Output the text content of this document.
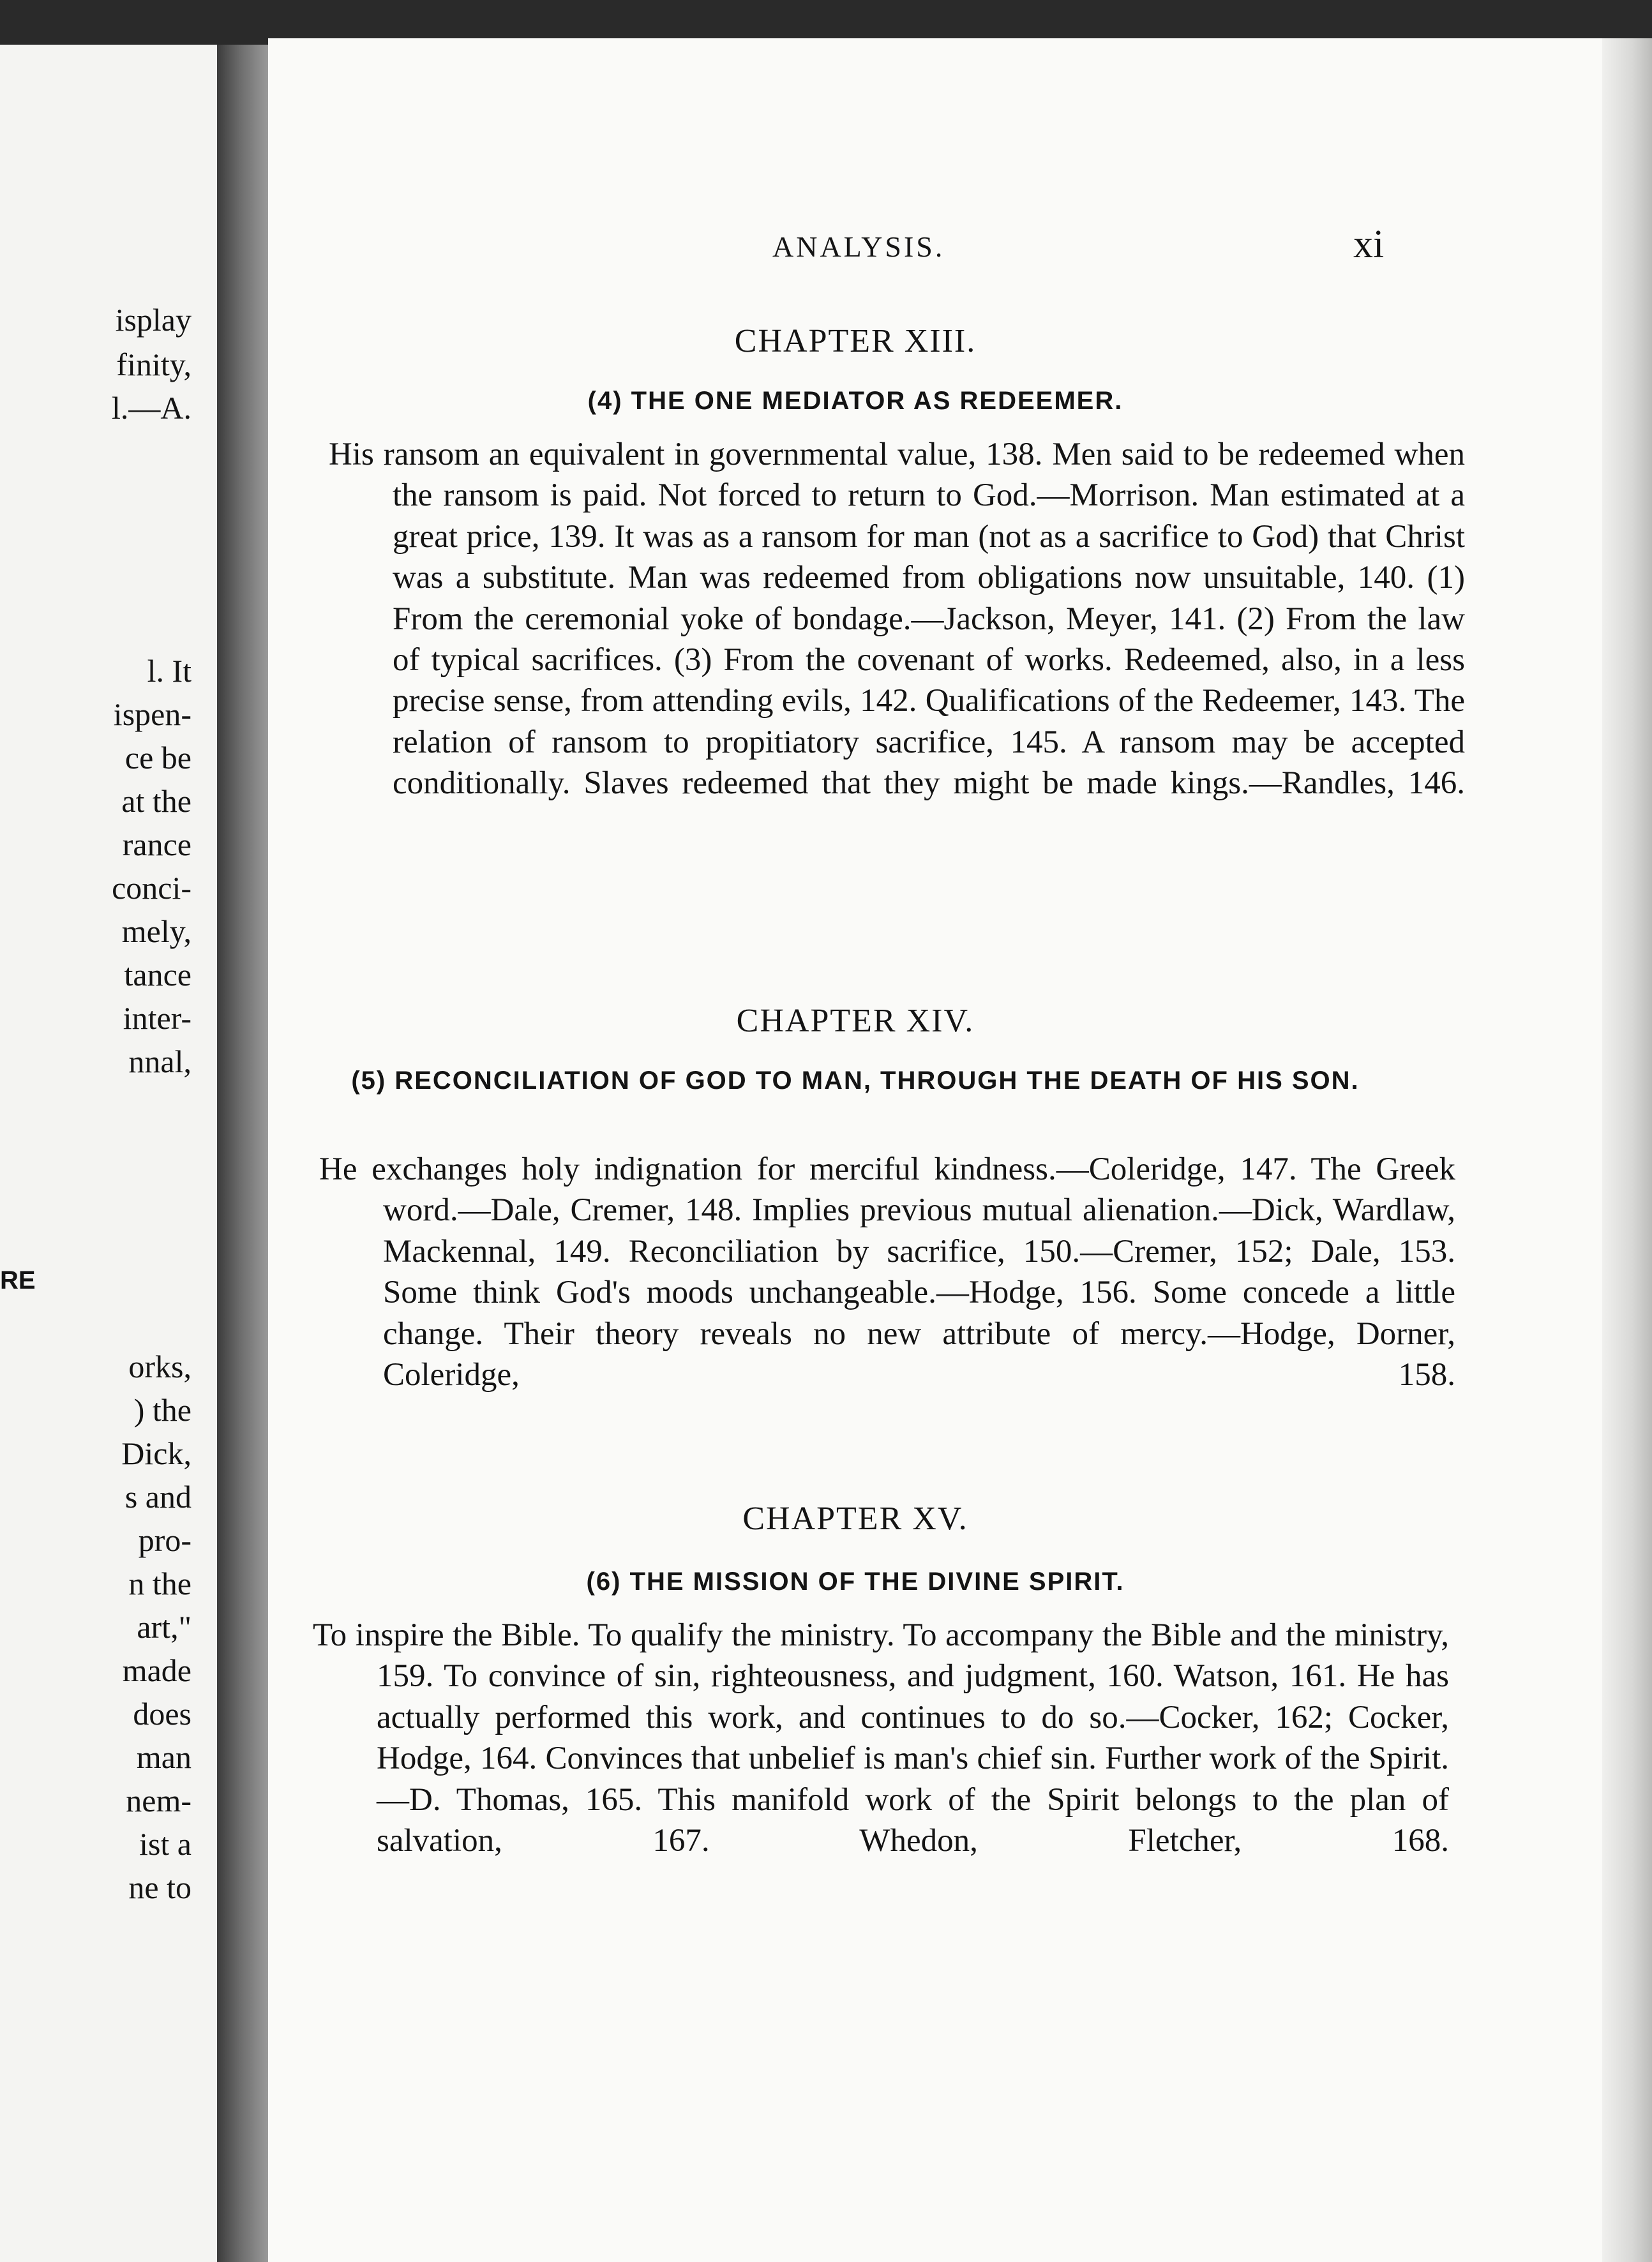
isplay
finity,
l.—A.
l. It
ispen-
ce be
at the
rance
conci-
mely,
tance
inter-
nnal,
RE
orks,
) the
Dick,
s and
pro-
n the
art,"
made
does
man
nem-
ist a
ne to
ANALYSIS.	xi
CHAPTER XIII.
(4) THE ONE MEDIATOR AS REDEEMER.
His ransom an equivalent in governmental value, 138. Men said to be redeemed when the ransom is paid. Not forced to return to God.—Morrison. Man estimated at a great price, 139. It was as a ransom for man (not as a sacrifice to God) that Christ was a substitute. Man was redeemed from obligations now unsuitable, 140. (1) From the ceremonial yoke of bondage.—Jackson, Meyer, 141. (2) From the law of typical sacrifices. (3) From the covenant of works. Redeemed, also, in a less precise sense, from attending evils, 142. Qualifications of the Redeemer, 143. The relation of ransom to propitiatory sacrifice, 145. A ransom may be accepted conditionally. Slaves redeemed that they might be made kings.—Randles, 146.
CHAPTER XIV.
(5) RECONCILIATION OF GOD TO MAN, THROUGH THE DEATH OF HIS SON.
He exchanges holy indignation for merciful kindness.—Coleridge, 147. The Greek word.—Dale, Cremer, 148. Implies previous mutual alienation.—Dick, Wardlaw, Mackennal, 149. Reconciliation by sacrifice, 150.—Cremer, 152; Dale, 153. Some think God's moods unchangeable.—Hodge, 156. Some concede a little change. Their theory reveals no new attribute of mercy.—Hodge, Dorner, Coleridge, 158.
CHAPTER XV.
(6) THE MISSION OF THE DIVINE SPIRIT.
To inspire the Bible. To qualify the ministry. To accompany the Bible and the ministry, 159. To convince of sin, righteousness, and judgment, 160. Watson, 161. He has actually performed this work, and continues to do so.—Cocker, 162; Cocker, Hodge, 164. Convinces that unbelief is man's chief sin. Further work of the Spirit.—D. Thomas, 165. This manifold work of the Spirit belongs to the plan of salvation, 167. Whedon, Fletcher, 168.
